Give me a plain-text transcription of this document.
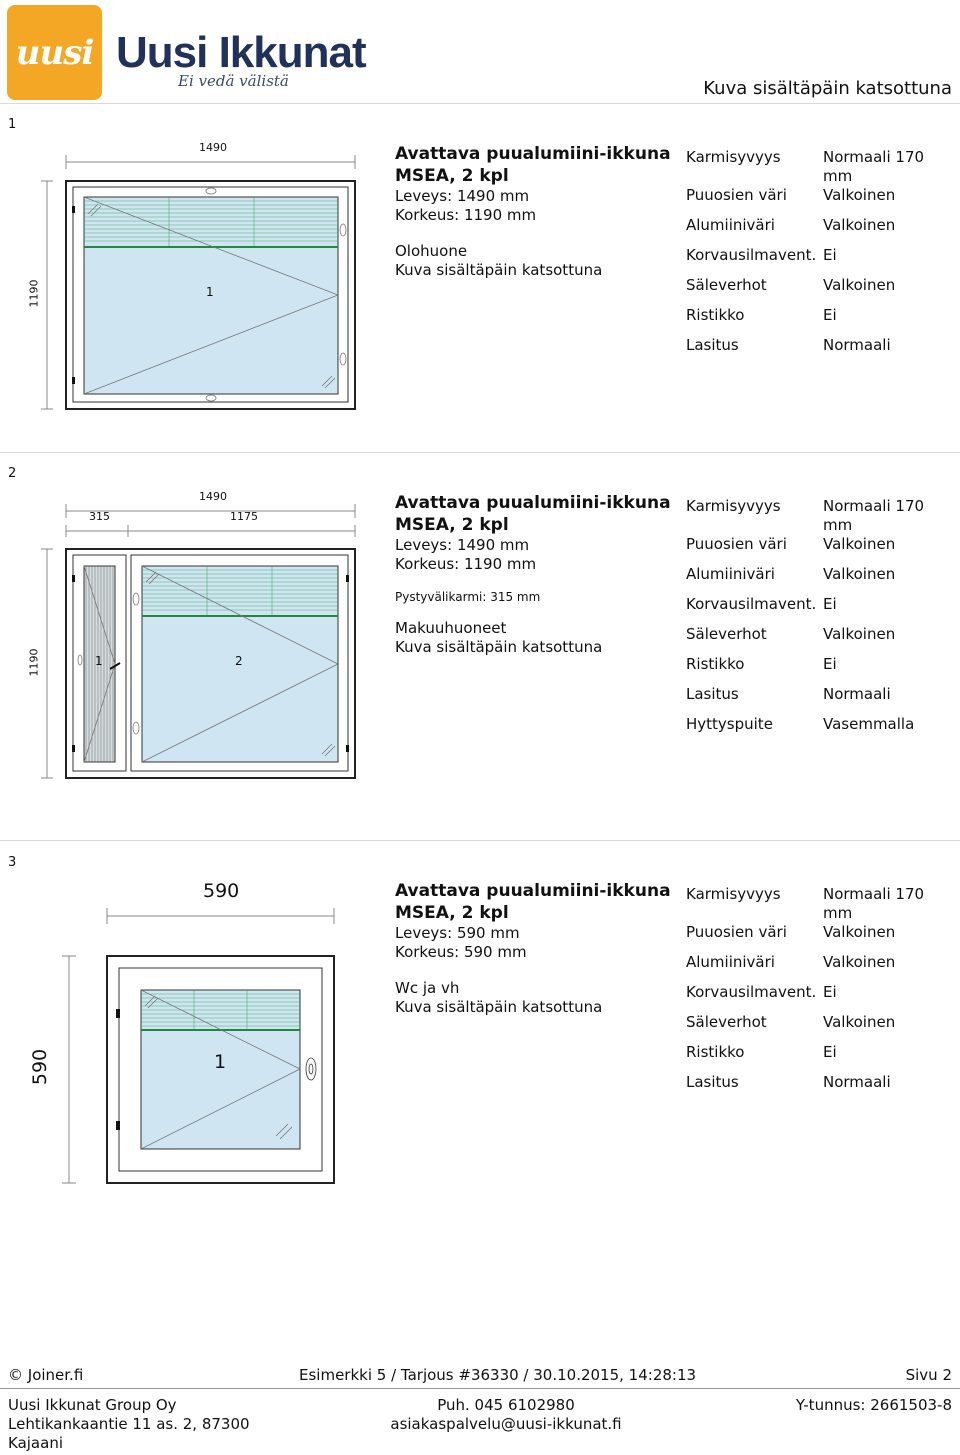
uusi Uusi Ikkunat
Ei vedä välistä	Kuva sisältäpäin katsottuna
1
1490
1190	1
Avattava puualumiini-ikkuna MSEA, 2 kpl
Leveys: 1490 mm
Korkeus: 1190 mm
Olohuone
Kuva sisältäpäin katsottuna
Karmisyvyys	Normaali 170 mm
Puuosien väri	Valkoinen
Alumiiniväri	Valkoinen
Korvausilmavent. Ei
Säleverhot	Valkoinen
Ristikko	Ei
Lasitus	Normaali
2
1490
315	1175
1190	1	2
Avattava puualumiini-ikkuna MSEA, 2 kpl
Leveys: 1490 mm
Korkeus: 1190 mm
Pystyvälikarmi: 315 mm
Makuuhuoneet
Kuva sisältäpäin katsottuna
Karmisyvyys	Normaali 170 mm
Puuosien väri	Valkoinen
Alumiiniväri	Valkoinen
Korvausilmavent. Ei
Säleverhot	Valkoinen
Ristikko	Ei
Lasitus	Normaali
Hyttyspuite	Vasemmalla
3
590
590	1
Avattava puualumiini-ikkuna MSEA, 2 kpl
Leveys: 590 mm
Korkeus: 590 mm
Wc ja vh
Kuva sisältäpäin katsottuna
Karmisyvyys	Normaali 170 mm
Puuosien väri	Valkoinen
Alumiiniväri	Valkoinen
Korvausilmavent. Ei
Säleverhot	Valkoinen
Ristikko	Ei
Lasitus	Normaali
© Joiner.fi	Esimerkki 5 / Tarjous #36330 / 30.10.2015, 14:28:13	Sivu 2
Uusi Ikkunat Group Oy
Lehtikankaantie 11 as. 2, 87300 Kajaani
Puh. 045 6102980
asiakaspalvelu@uusi-ikkunat.fi
Y-tunnus: 2661503-8
